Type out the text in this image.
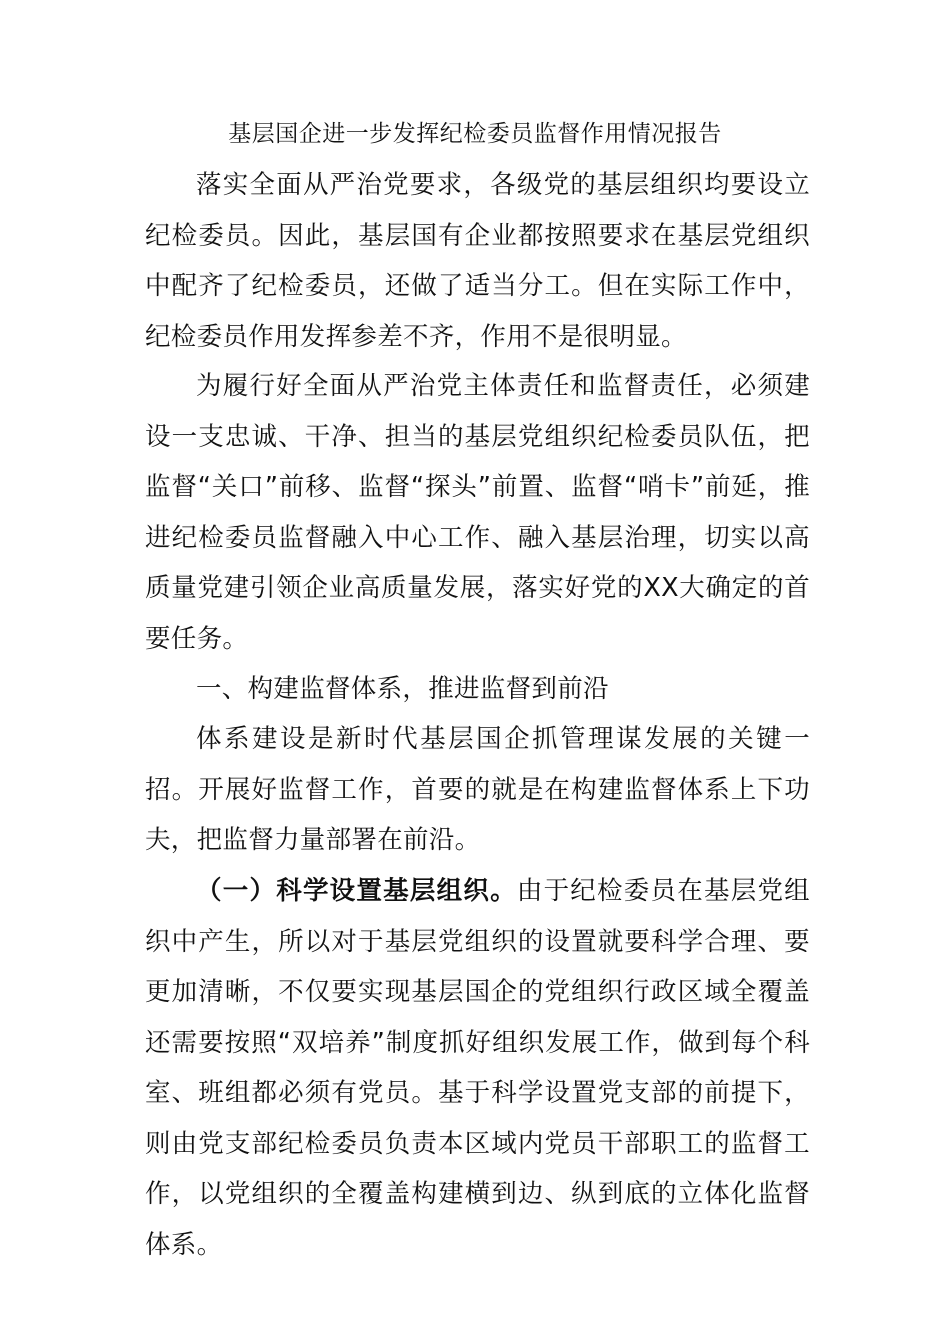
基层国企进一步发挥纪检委员监督作用情况报告

落实全面从严治党要求，各级党的基层组织均要设立纪检委员。因此，基层国有企业都按照要求在基层党组织中配齐了纪检委员，还做了适当分工。但在实际工作中，纪检委员作用发挥参差不齐，作用不是很明显。

为履行好全面从严治党主体责任和监督责任，必须建设一支忠诚、干净、担当的基层党组织纪检委员队伍，把监督“关口”前移、监督“探头”前置、监督“哨卡”前延，推进纪检委员监督融入中心工作、融入基层治理，切实以高质量党建引领企业高质量发展，落实好党的XX大确定的首要任务。

一、构建监督体系，推进监督到前沿

体系建设是新时代基层国企抓管理谋发展的关键一招。开展好监督工作，首要的就是在构建监督体系上下功夫，把监督力量部署在前沿。

（一）科学设置基层组织。由于纪检委员在基层党组织中产生，所以对于基层党组织的设置就要科学合理、要更加清晰，不仅要实现基层国企的党组织行政区域全覆盖还需要按照“双培养”制度抓好组织发展工作，做到每个科室、班组都必须有党员。基于科学设置党支部的前提下，则由党支部纪检委员负责本区域内党员干部职工的监督工作，以党组织的全覆盖构建横到边、纵到底的立体化监督体系。
